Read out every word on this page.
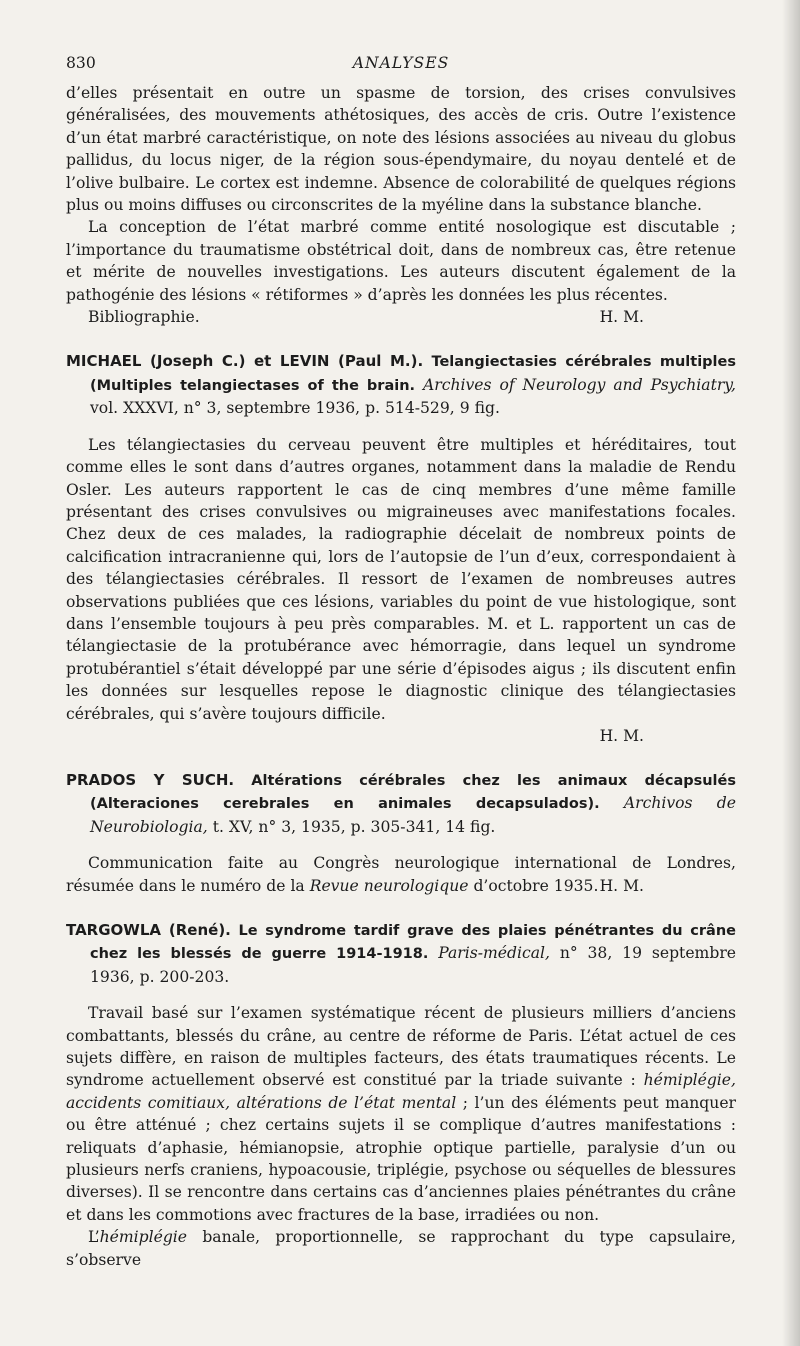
830	ANALYSES

d’elles présentait en outre un spasme de torsion, des crises convulsives généralisées, des mouvements athétosiques, des accès de cris. Outre l’existence d’un état marbré caractéristique, on note des lésions associées au niveau du globus pallidus, du locus niger, de la région sous-épendymaire, du noyau dentelé et de l’olive bulbaire. Le cortex est indemne. Absence de colorabilité de quelques régions plus ou moins diffuses ou circonscrites de la myéline dans la substance blanche.

La conception de l’état marbré comme entité nosologique est discutable ; l’importance du traumatisme obstétrical doit, dans de nombreux cas, être retenue et mérite de nouvelles investigations. Les auteurs discutent également de la pathogénie des lésions « rétiformes » d’après les données les plus récentes.

Bibliographie.	H. M.

MICHAEL (Joseph C.) et LEVIN (Paul M.). Telangiectasies cérébrales multiples (Multiples telangiectases of the brain. Archives of Neurology and Psychiatry, vol. XXXVI, n° 3, septembre 1936, p. 514-529, 9 fig.

Les télangiectasies du cerveau peuvent être multiples et héréditaires, tout comme elles le sont dans d’autres organes, notamment dans la maladie de Rendu Osler. Les auteurs rapportent le cas de cinq membres d’une même famille présentant des crises convulsives ou migraineuses avec manifestations focales. Chez deux de ces malades, la radiographie décelait de nombreux points de calcification intracranienne qui, lors de l’autopsie de l’un d’eux, correspondaient à des télangiectasies cérébrales. Il ressort de l’examen de nombreuses autres observations publiées que ces lésions, variables du point de vue histologique, sont dans l’ensemble toujours à peu près comparables. M. et L. rapportent un cas de télangiectasie de la protubérance avec hémorragie, dans lequel un syndrome protubérantiel s’était développé par une série d’épisodes aigus ; ils discutent enfin les données sur lesquelles repose le diagnostic clinique des télangiectasies cérébrales, qui s’avère toujours difficile.

H. M.

PRADOS Y SUCH. Altérations cérébrales chez les animaux décapsulés (Alteraciones cerebrales en animales decapsulados). Archivos de Neurobiologia, t. XV, n° 3, 1935, p. 305-341, 14 fig.

Communication faite au Congrès neurologique international de Londres, résumée dans le numéro de la Revue neurologique d’octobre 1935. H. M.

TARGOWLA (René). Le syndrome tardif grave des plaies pénétrantes du crâne chez les blessés de guerre 1914-1918. Paris-médical, n° 38, 19 septembre 1936, p. 200-203.

Travail basé sur l’examen systématique récent de plusieurs milliers d’anciens combattants, blessés du crâne, au centre de réforme de Paris. L’état actuel de ces sujets diffère, en raison de multiples facteurs, des états traumatiques récents. Le syndrome actuellement observé est constitué par la triade suivante : hémiplégie, accidents comitiaux, altérations de l’état mental ; l’un des éléments peut manquer ou être atténué ; chez certains sujets il se complique d’autres manifestations : reliquats d’aphasie, hémianopsie, atrophie optique partielle, paralysie d’un ou plusieurs nerfs craniens, hypoacousie, triplégie, psychose ou séquelles de blessures diverses). Il se rencontre dans certains cas d’anciennes plaies pénétrantes du crâne et dans les commotions avec fractures de la base, irradiées ou non.

L’hémiplégie banale, proportionnelle, se rapprochant du type capsulaire, s’observe
